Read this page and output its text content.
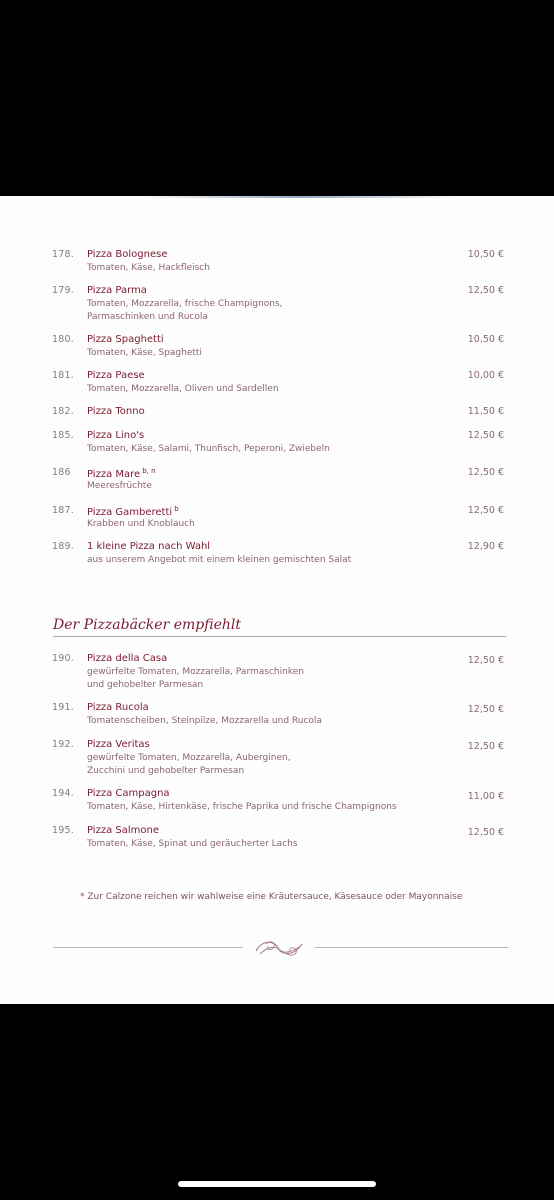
178. Pizza Bolognese	10,50 €
Tomaten, Käse, Hackfleisch
179. Pizza Parma	12,50 €
Tomaten, Mozzarella, frische Champignons,
Parmaschinken und Rucola
180. Pizza Spaghetti	10,50 €
Tomaten, Käse, Spaghetti
181. Pizza Paese	10,00 €
Tomaten, Mozzarella, Oliven und Sardellen
182. Pizza Tonno	11,50 €
185. Pizza Lino's	12,50 €
Tomaten, Käse, Salami, Thunfisch, Peperoni, Zwiebeln
186 Pizza Mare $^{b, n}$	12,50 €
Meeresfrüchte
187. Pizza Gamberetti $^b$	12,50 €
Krabben und Knoblauch
189. 1 kleine Pizza nach Wahl	12,90 €
aus unserem Angebot mit einem kleinen gemischten Salat
Der Pizzabäcker empfiehlt
190. Pizza della Casa	12,50 €
gewürfelte Tomaten, Mozzarella, Parmaschinken
und gehobelter Parmesan
191. Pizza Rucola	12,50 €
Tomatenscheiben, Steinpilze, Mozzarella und Rucola
192. Pizza Veritas	12,50 €
gewürfelte Tomaten, Mozzarella, Auberginen,
Zucchini und gehobelter Parmesan
194. Pizza Campagna	11,00 €
Tomaten, Käse, Hirtenkäse, frische Paprika und frische Champignons
195. Pizza Salmone	12,50 €
Tomaten, Käse, Spinat und geräucherter Lachs
* Zur Calzone reichen wir wahlweise eine Kräutersauce, Käsesauce oder Mayonnaise
